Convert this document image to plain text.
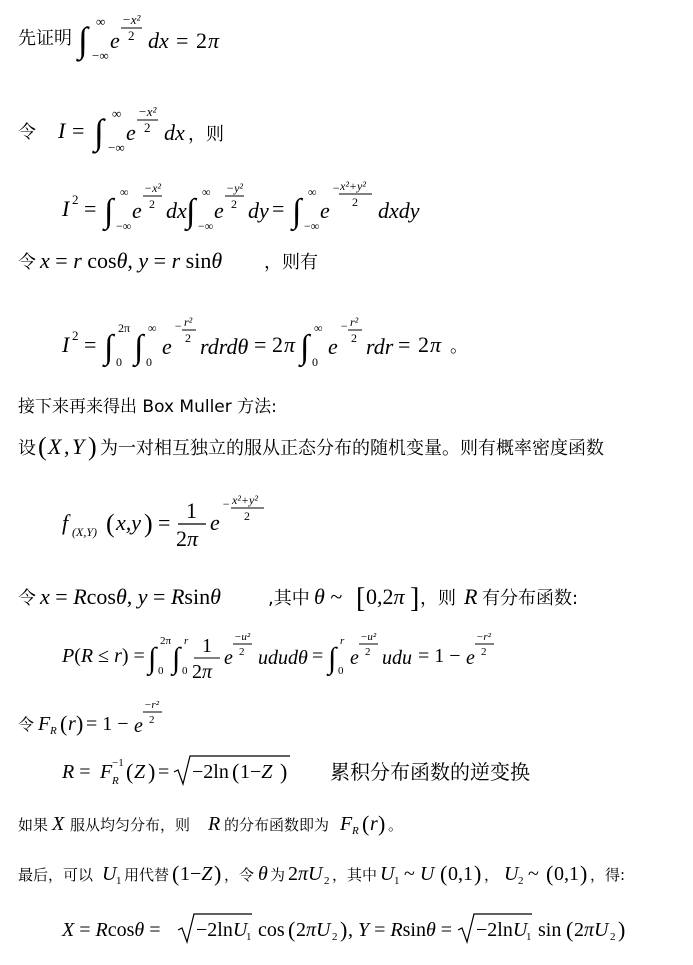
先证明 ∫ ∞
−∞
e
−x²
2 dx = 2 π
令 I = ∫ ∞
−∞
e
−x²
2 dx ，则
I 2 = ∫
∞
−∞
e
−x²
2 dx ∫
∞
−∞
e
−y²
2 dy = ∫
∞
−∞
e
− x²+y²
2 dxdy
令 x = r cosθ, y = r sinθ ，则有
I 2 = ∫
2π
0 ∫
∞
0
e
− r²
2 rdrdθ = 2 π ∫
∞
0
e
− r²
2 rdr = 2 π 。
接下来再来得出 Box Muller 方法:
设 ( X , Y ) 为一对相互独立的服从正态分布的随机变量。则有概率密度函数
f (X,Y) ( x,y ) = 1
2π
e
− x²+y²
2
令 x = Rcosθ, y = Rsinθ	,其中 θ ~ [ 0,2π ] ，则 R 有分布函数:
P(R ≤ r) = ∫
2π
0 ∫
r
0
1
2π
e
−u²
2 ududθ = ∫
r
0
e
−u²
2 udu = 1 − e
−r²
2
令 F R ( r ) = 1 − e
−r²
2
R = F R
−1 ( Z ) = −2ln ( 1−Z ) 累积分布函数的逆变换
如果 X 服从均匀分布，则 R 的分布函数即为 F R ( r ) 。
最后，可以 U 1 用代替 ( 1−Z ) ，令 θ 为 2πU 2 ，其中 U 1 ~ U ( 0,1 ) ， U 2 ~ ( 0,1 ) ，得:
X = Rcosθ = −2lnU
1 cos ( 2πU 2 ) , Y = Rsinθ = −2lnU
1 sin ( 2πU 2 )
